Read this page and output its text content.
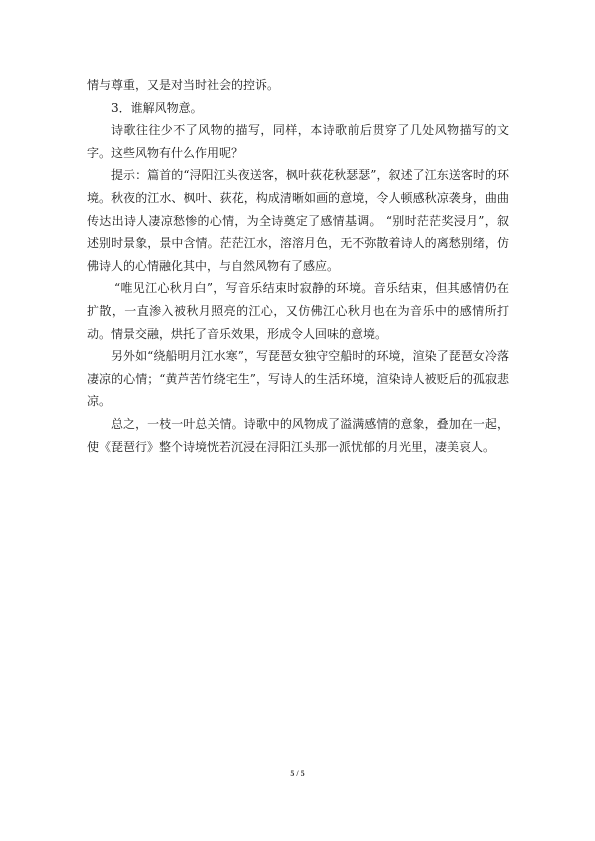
情与尊重，又是对当时社会的控诉。

3．谁解风物意。

诗歌往往少不了风物的描写，同样，本诗歌前后贯穿了几处风物描写的文字。这些风物有什么作用呢？

提示：篇首的“浔阳江头夜送客，枫叶荻花秋瑟瑟”，叙述了江东送客时的环境。秋夜的江水、枫叶、荻花，构成清晰如画的意境，令人顿感秋凉袭身，曲曲传达出诗人凄凉愁惨的心情，为全诗奠定了感情基调。 “别时茫茫奖浸月”，叙述别时景象，景中含情。茫茫江水，溶溶月色，无不弥散着诗人的离愁别绪，仿佛诗人的心情融化其中，与自然风物有了感应。

“唯见江心秋月白”，写音乐结束时寂静的环境。音乐结束，但其感情仍在扩散，一直渗入被秋月照亮的江心，又仿佛江心秋月也在为音乐中的感情所打动。情景交融，烘托了音乐效果，形成令人回味的意境。

另外如“绕船明月江水寒”，写琵琶女独守空船时的环境，渲染了琵琶女冷落凄凉的心情；“黄芦苦竹绕宅生”，写诗人的生活环境，渲染诗人被贬后的孤寂悲凉。

总之，一枝一叶总关情。诗歌中的风物成了溢满感情的意象，叠加在一起，使《琵琶行》整个诗境恍若沉浸在浔阳江头那一派忧郁的月光里，凄美哀人。

5 / 5
